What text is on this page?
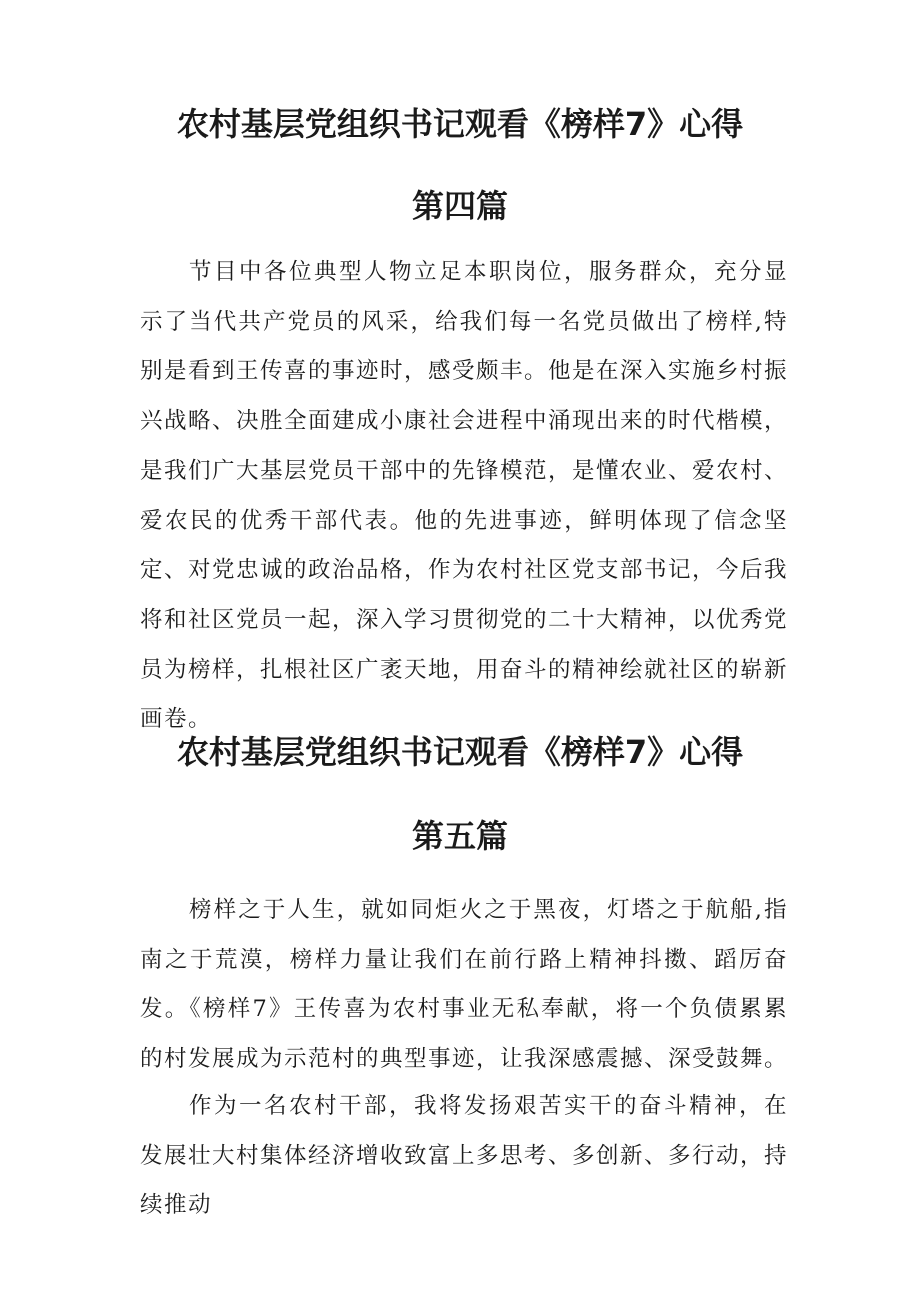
农村基层党组织书记观看《榜样7》心得
第四篇

节目中各位典型人物立足本职岗位，服务群众，充分显示了当代共产党员的风采，给我们每一名党员做出了榜样,特别是看到王传喜的事迹时，感受颇丰。他是在深入实施乡村振兴战略、决胜全面建成小康社会进程中涌现出来的时代楷模，是我们广大基层党员干部中的先锋模范，是懂农业、爱农村、爱农民的优秀干部代表。他的先进事迹，鲜明体现了信念坚定、对党忠诚的政治品格，作为农村社区党支部书记，今后我将和社区党员一起，深入学习贯彻党的二十大精神，以优秀党员为榜样，扎根社区广袤天地，用奋斗的精神绘就社区的崭新画卷。

农村基层党组织书记观看《榜样7》心得
第五篇

榜样之于人生，就如同炬火之于黑夜，灯塔之于航船,指南之于荒漠，榜样力量让我们在前行路上精神抖擞、蹈厉奋发。《榜样7》王传喜为农村事业无私奉献，将一个负债累累的村发展成为示范村的典型事迹，让我深感震撼、深受鼓舞。

作为一名农村干部，我将发扬艰苦实干的奋斗精神，在发展壮大村集体经济增收致富上多思考、多创新、多行动，持续推动
